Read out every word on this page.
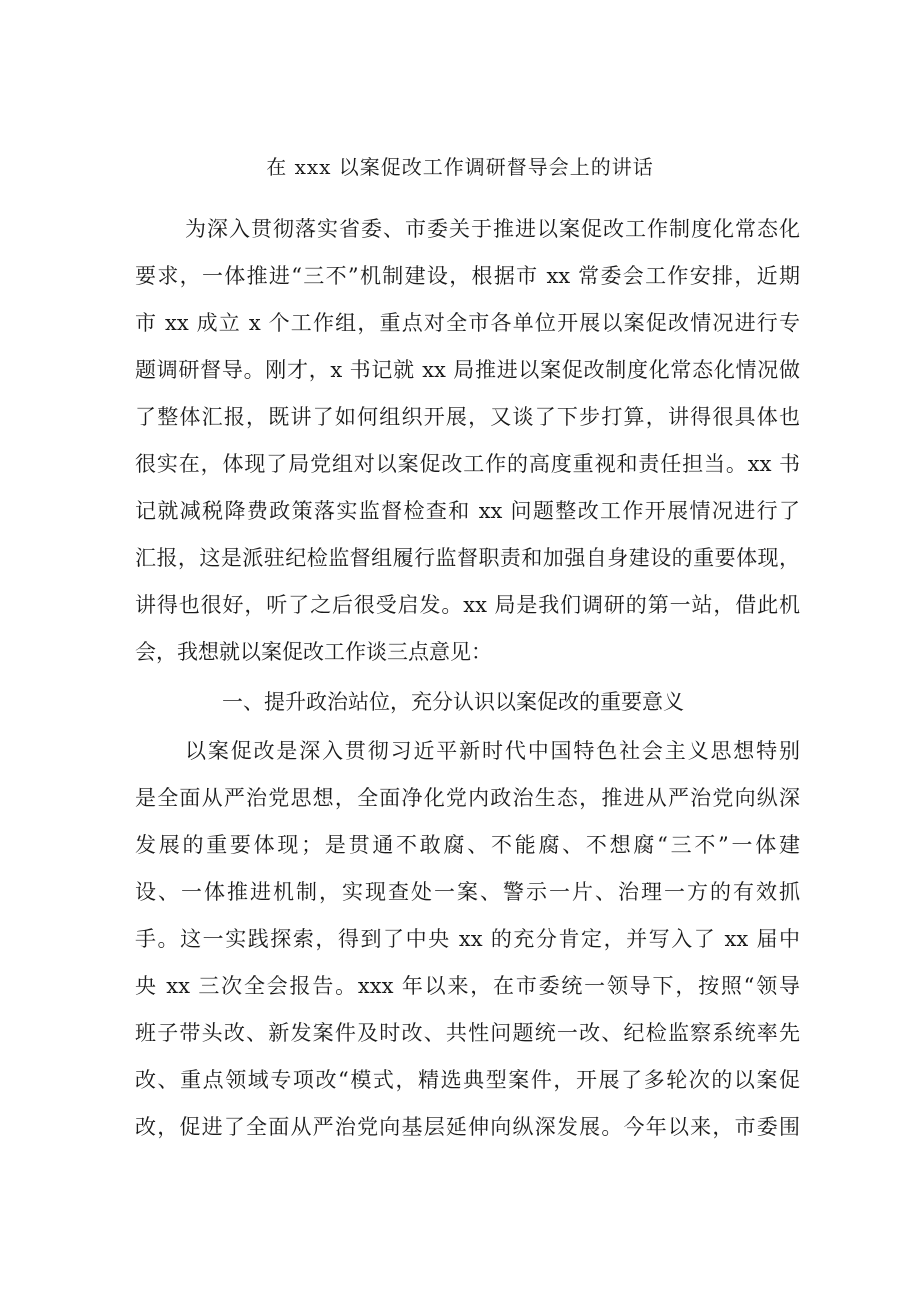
在 xxx 以案促改工作调研督导会上的讲话
为深入贯彻落实省委、市委关于推进以案促改工作制度化常态化
要求，一体推进“三不”机制建设，根据市 xx 常委会工作安排，近期
市 xx 成立 x 个工作组，重点对全市各单位开展以案促改情况进行专
题调研督导。刚才，x 书记就 xx 局推进以案促改制度化常态化情况做
了整体汇报，既讲了如何组织开展，又谈了下步打算，讲得很具体也
很实在，体现了局党组对以案促改工作的高度重视和责任担当。xx 书
记就减税降费政策落实监督检查和 xx 问题整改工作开展情况进行了
汇报，这是派驻纪检监督组履行监督职责和加强自身建设的重要体现，
讲得也很好，听了之后很受启发。xx 局是我们调研的第一站，借此机
会，我想就以案促改工作谈三点意见：
一、提升政治站位，充分认识以案促改的重要意义
以案促改是深入贯彻习近平新时代中国特色社会主义思想特别
是全面从严治党思想，全面净化党内政治生态，推进从严治党向纵深
发展的重要体现；是贯通不敢腐、不能腐、不想腐“三不”一体建
设、一体推进机制，实现查处一案、警示一片、治理一方的有效抓
手。这一实践探索，得到了中央 xx 的充分肯定，并写入了 xx 届中
央 xx 三次全会报告。xxx 年以来，在市委统一领导下，按照“领导
班子带头改、新发案件及时改、共性问题统一改、纪检监察系统率先
改、重点领域专项改“模式，精选典型案件，开展了多轮次的以案促
改，促进了全面从严治党向基层延伸向纵深发展。今年以来，市委围
